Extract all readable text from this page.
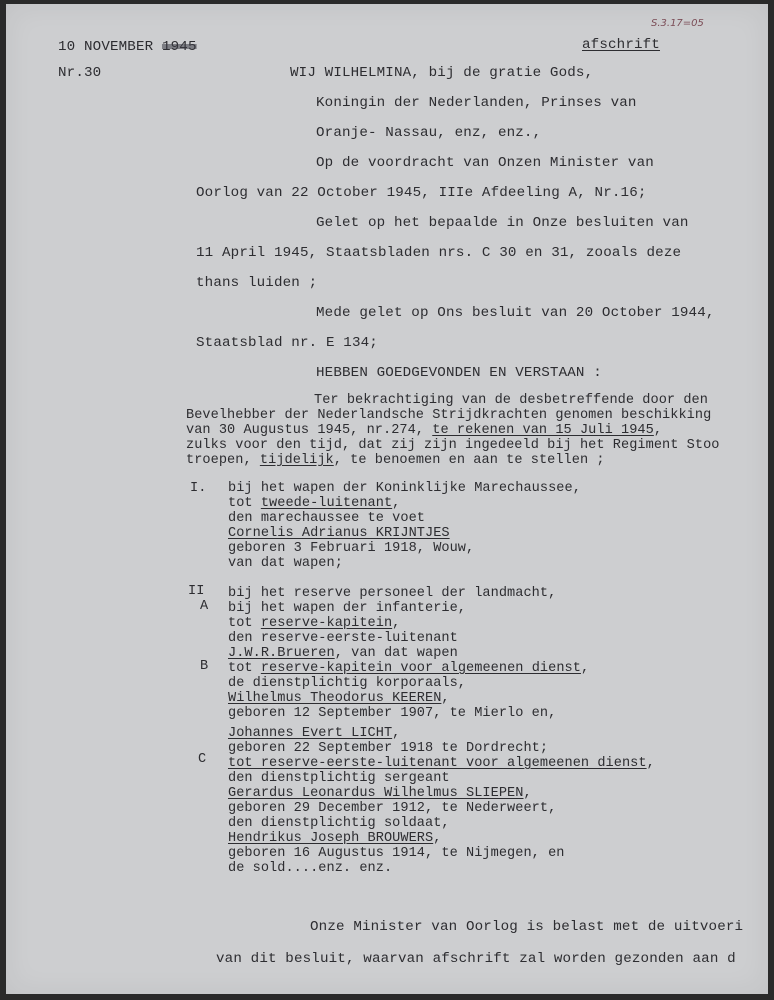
10 NOVEMBER 1945
Nr.30
afschrift
S.3.17=05
WIJ WILHELMINA, bij de gratie Gods,
Koningin der Nederlanden, Prinses van
Oranje- Nassau, enz, enz.,
Op de voordracht van Onzen Minister van
Oorlog van 22 October 1945, IIIe Afdeeling A, Nr.16;
Gelet op het bepaalde in Onze besluiten van
11 April 1945, Staatsbladen nrs. C 30 en 31, zooals deze
thans luiden ;
Mede gelet op Ons besluit van 20 October 1944,
Staatsblad nr. E 134;
HEBBEN GOEDGEVONDEN EN VERSTAAN :
Ter bekrachtiging van de desbetreffende door den
Bevelhebber der Nederlandsche Strijdkrachten genomen beschikking
van 30 Augustus 1945, nr.274, te rekenen van 15 Juli 1945,
zulks voor den tijd, dat zij zijn ingedeeld bij het Regiment Stoo
troepen, tijdelijk, te benoemen en aan te stellen ;
I. bij het wapen der Koninklijke Marechaussee,
tot tweede-luitenant,
den marechaussee te voet
Cornelis Adrianus KRIJNTJES
geboren 3 Februari 1918, Wouw,
van dat wapen;
II
A
B
C
bij het reserve personeel der landmacht,
bij het wapen der infanterie,
tot reserve-kapitein,
den reserve-eerste-luitenant
J.W.R.Brueren, van dat wapen
tot reserve-kapitein voor algemeenen dienst,
de dienstplichtig korporaals,
Wilhelmus Theodorus KEEREN,
geboren 12 September 1907, te Mierlo en,
Johannes Evert LICHT,
geboren 22 September 1918 te Dordrecht;
tot reserve-eerste-luitenant voor algemeenen dienst,
den dienstplichtig sergeant
Gerardus Leonardus Wilhelmus SLIEPEN,
geboren 29 December 1912, te Nederweert,
den dienstplichtig soldaat,
Hendrikus Joseph BROUWERS,
geboren 16 Augustus 1914, te Nijmegen, en
de sold....enz. enz.
Onze Minister van Oorlog is belast met de uitvoeri
van dit besluit, waarvan afschrift zal worden gezonden aan d
